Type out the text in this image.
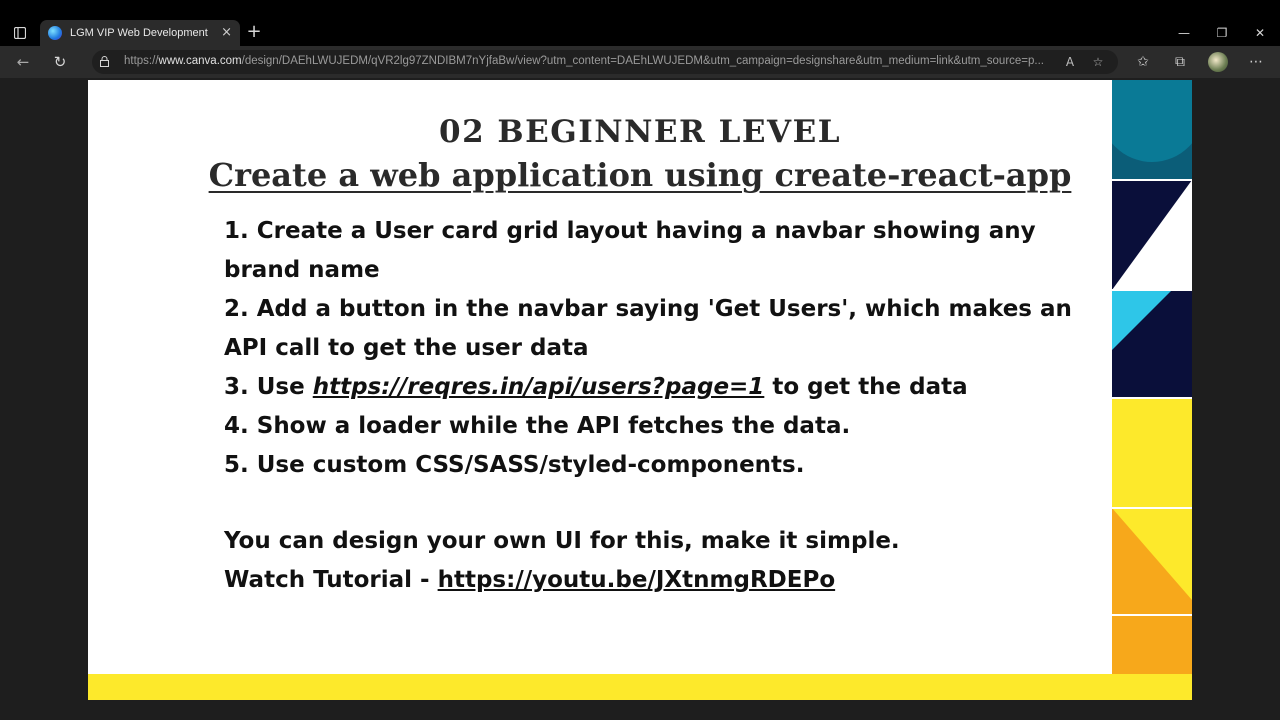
LGM VIP Web Development × +	—	❐	✕
←	↻	https://www.canva.com/design/DAEhLWUJEDM/qVR2lg97ZNDIBM7nYjfaBw/view?utm_content=DAEhLWUJEDM&utm_campaign=designshare&utm_medium=link&utm_source=p...	A	☆ ✩	⧉	⋯
02 BEGINNER LEVEL
Create a web application using create-react-app
1. Create a User card grid layout having a navbar showing any brand name
2. Add a button in the navbar saying 'Get Users', which makes an API call to get the user data
3. Use https://reqres.in/api/users?page=1 to get the data
4. Show a loader while the API fetches the data.
5. Use custom CSS/SASS/styled-components.
You can design your own UI for this, make it simple.
Watch Tutorial - https://youtu.be/JXtnmgRDEPo
